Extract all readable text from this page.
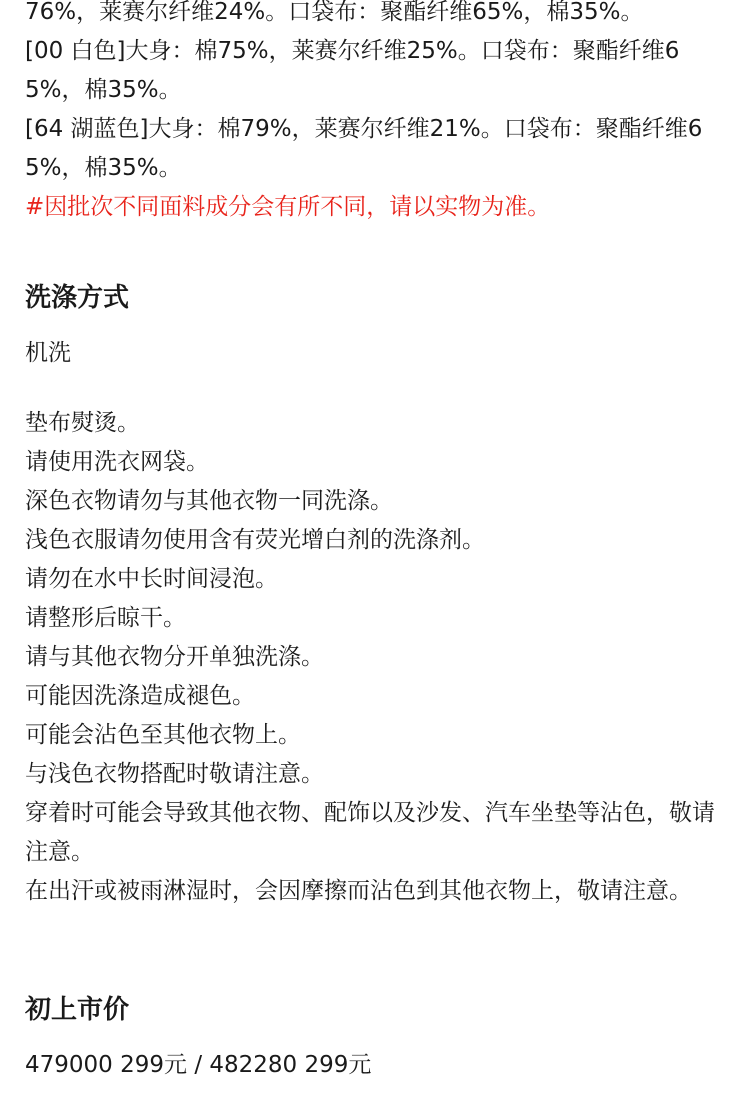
76%，莱赛尔纤维24%。口袋布：聚酯纤维65%，棉35%。

[00 白色]大身：棉75%，莱赛尔纤维25%。口袋布：聚酯纤维65%，棉35%。

[64 湖蓝色]大身：棉79%，莱赛尔纤维21%。口袋布：聚酯纤维65%，棉35%。

#因批次不同面料成分会有所不同，请以实物为准。

洗涤方式

机洗

垫布熨烫。

请使用洗衣网袋。

深色衣物请勿与其他衣物一同洗涤。

浅色衣服请勿使用含有荧光增白剂的洗涤剂。

请勿在水中长时间浸泡。

请整形后晾干。

请与其他衣物分开单独洗涤。

可能因洗涤造成褪色。

可能会沾色至其他衣物上。

与浅色衣物搭配时敬请注意。

穿着时可能会导致其他衣物、配饰以及沙发、汽车坐垫等沾色，敬请注意。

在出汗或被雨淋湿时，会因摩擦而沾色到其他衣物上，敬请注意。

初上市价

479000 299元 / 482280 299元
